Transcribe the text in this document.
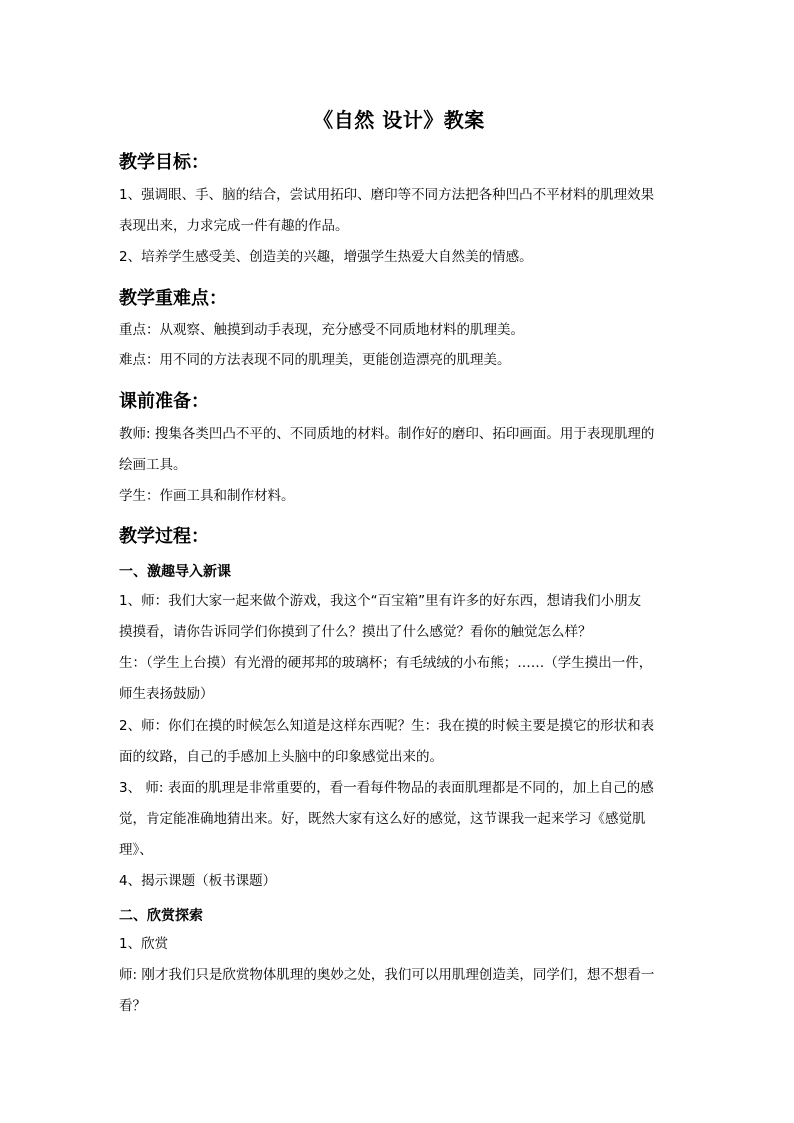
《自然 设计》教案
教学目标：
1、强调眼、手、脑的结合，尝试用拓印、磨印等不同方法把各种凹凸不平材料的肌理效果
表现出来，力求完成一件有趣的作品。
2、培养学生感受美、创造美的兴趣，增强学生热爱大自然美的情感。
教学重难点：
重点：从观察、触摸到动手表现，充分感受不同质地材料的肌理美。
难点：用不同的方法表现不同的肌理美，更能创造漂亮的肌理美。
课前准备：
教师: 搜集各类凹凸不平的、不同质地的材料。制作好的磨印、拓印画面。用于表现肌理的
绘画工具。
学生：作画工具和制作材料。
教学过程：
一、激趣导入新课
1、师：我们大家一起来做个游戏，我这个“百宝箱”里有许多的好东西，想请我们小朋友
摸摸看，请你告诉同学们你摸到了什么？摸出了什么感觉？看你的触觉怎么样？
生：（学生上台摸）有光滑的硬邦邦的玻璃杯；有毛绒绒的小布熊；……（学生摸出一件，
师生表扬鼓励）
2、师：你们在摸的时候怎么知道是这样东西呢？生：我在摸的时候主要是摸它的形状和表
面的纹路，自己的手感加上头脑中的印象感觉出来的。
3、 师: 表面的肌理是非常重要的，看一看每件物品的表面肌理都是不同的，加上自己的感
觉，肯定能准确地猜出来。好，既然大家有这么好的感觉，这节课我一起来学习《感觉肌
理》、
4、揭示课题（板书课题）
二、欣赏探索
1、欣赏
师: 刚才我们只是欣赏物体肌理的奥妙之处，我们可以用肌理创造美，同学们，想不想看一
看？
